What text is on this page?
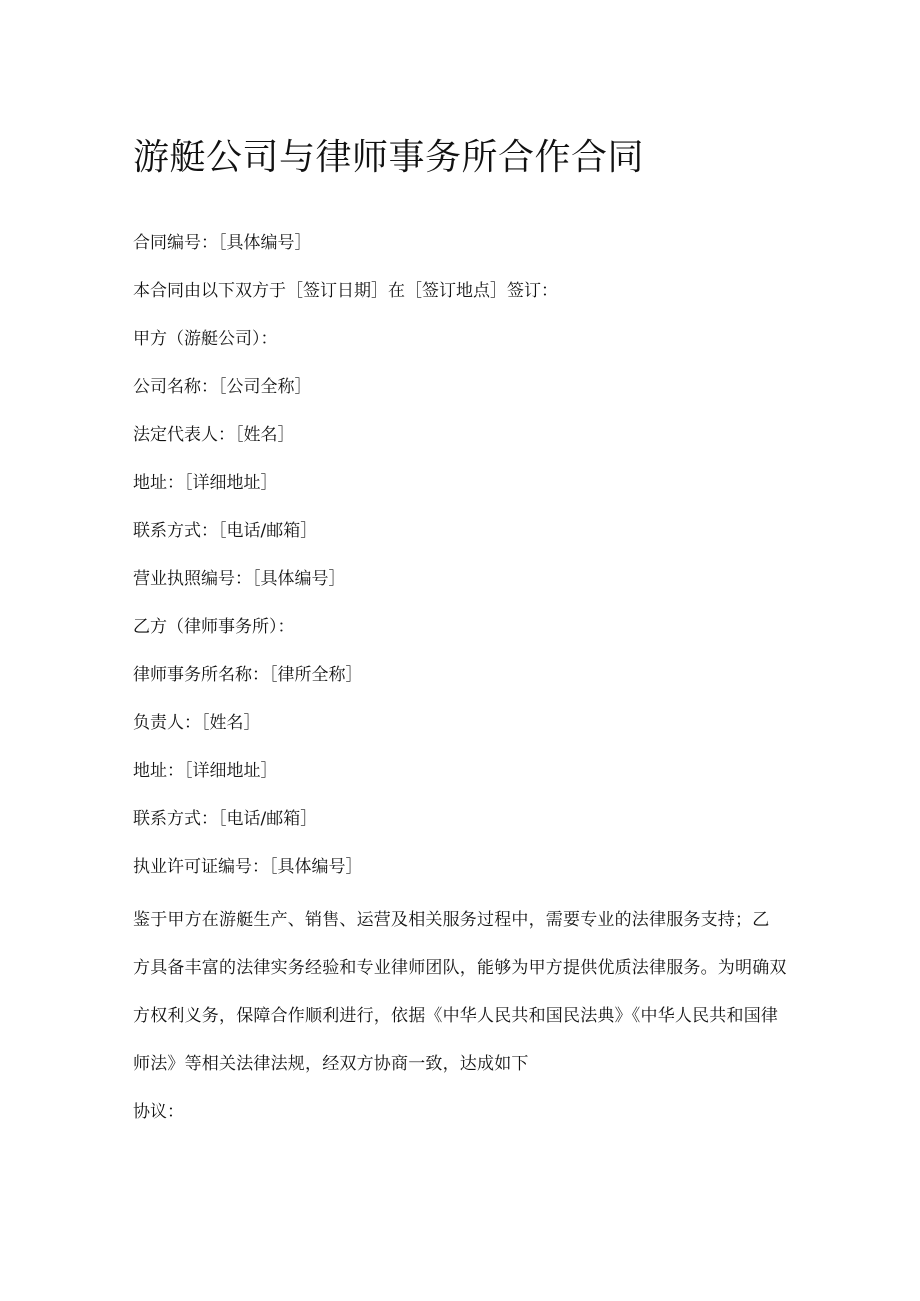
游艇公司与律师事务所合作合同
合同编号：［具体编号］
本合同由以下双方于［签订日期］在［签订地点］签订：
甲方（游艇公司）：
公司名称：［公司全称］
法定代表人：［姓名］
地址：［详细地址］
联系方式：［电话/邮箱］
营业执照编号：［具体编号］
乙方（律师事务所）：
律师事务所名称：［律所全称］
负责人：［姓名］
地址：［详细地址］
联系方式：［电话/邮箱］
执业许可证编号：［具体编号］

鉴于甲方在游艇生产、销售、运营及相关服务过程中，需要专业的法律服务支持；乙
方具备丰富的法律实务经验和专业律师团队，能够为甲方提供优质法律服务。为明确双
方权利义务，保障合作顺利进行，依据《中华人民共和国民法典》《中华人民共和国律
师法》等相关法律法规，经双方协商一致，达成如下

协议：
